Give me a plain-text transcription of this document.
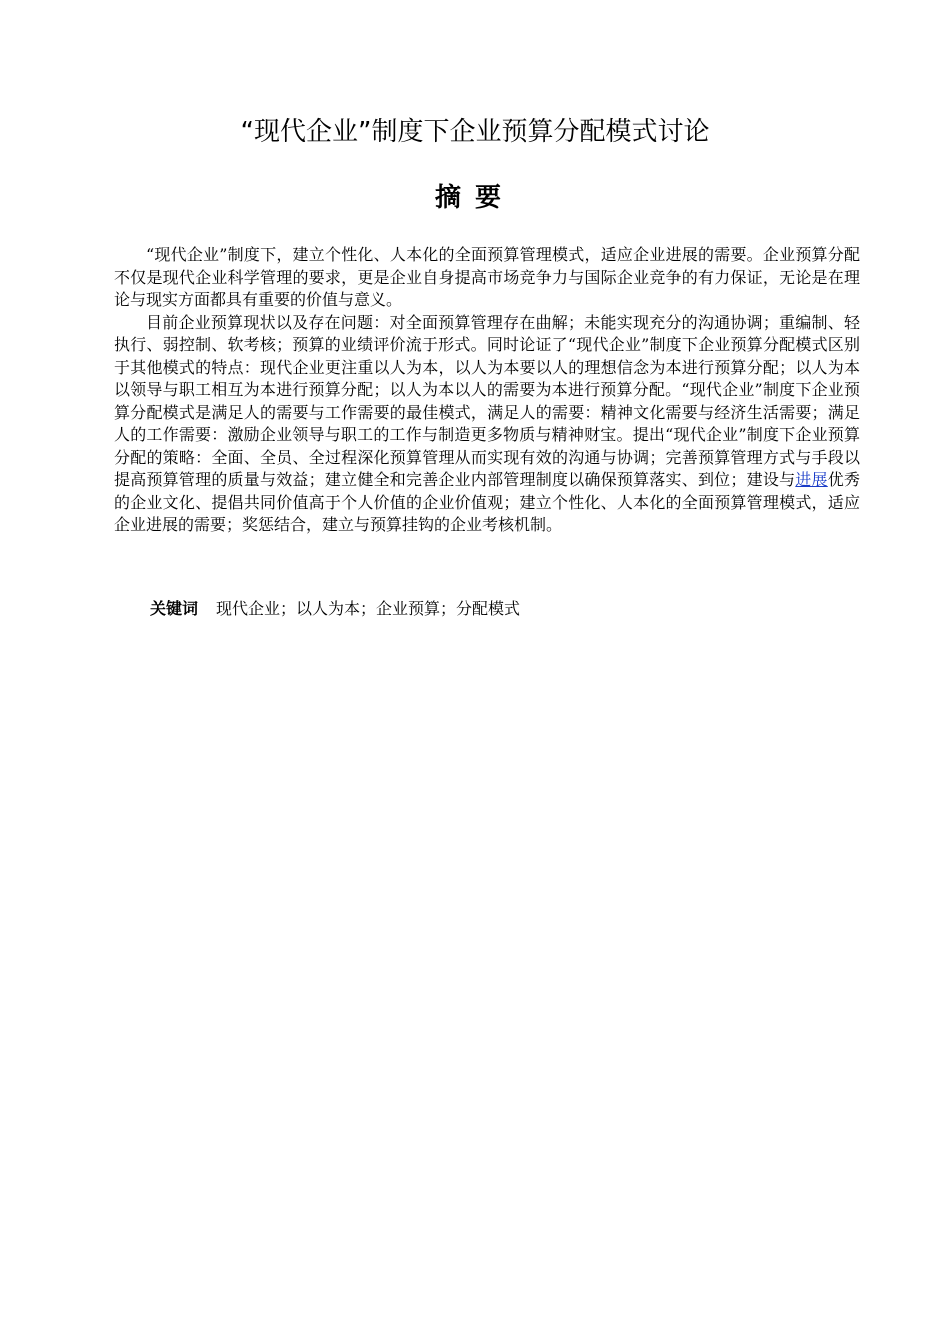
“现代企业”制度下企业预算分配模式讨论
摘要

“现代企业”制度下，建立个性化、人本化的全面预算管理模式，适应企业进展的需要。企业预算分配不仅是现代企业科学管理的要求，更是企业自身提高市场竞争力与国际企业竞争的有力保证，无论是在理论与现实方面都具有重要的价值与意义。

目前企业预算现状以及存在问题：对全面预算管理存在曲解；未能实现充分的沟通协调；重编制、轻执行、弱控制、软考核；预算的业绩评价流于形式。同时论证了“现代企业”制度下企业预算分配模式区别于其他模式的特点：现代企业更注重以人为本，以人为本要以人的理想信念为本进行预算分配；以人为本以领导与职工相互为本进行预算分配；以人为本以人的需要为本进行预算分配。“现代企业”制度下企业预算分配模式是满足人的需要与工作需要的最佳模式，满足人的需要：精神文化需要与经济生活需要；满足人的工作需要：激励企业领导与职工的工作与制造更多物质与精神财宝。提出“现代企业”制度下企业预算分配的策略：全面、全员、全过程深化预算管理从而实现有效的沟通与协调；完善预算管理方式与手段以提高预算管理的质量与效益；建立健全和完善企业内部管理制度以确保预算落实、到位；建设与进展优秀的企业文化、提倡共同价值高于个人价值的企业价值观；建立个性化、人本化的全面预算管理模式，适应企业进展的需要；奖惩结合，建立与预算挂钩的企业考核机制。

关键词 现代企业；以人为本；企业预算；分配模式
